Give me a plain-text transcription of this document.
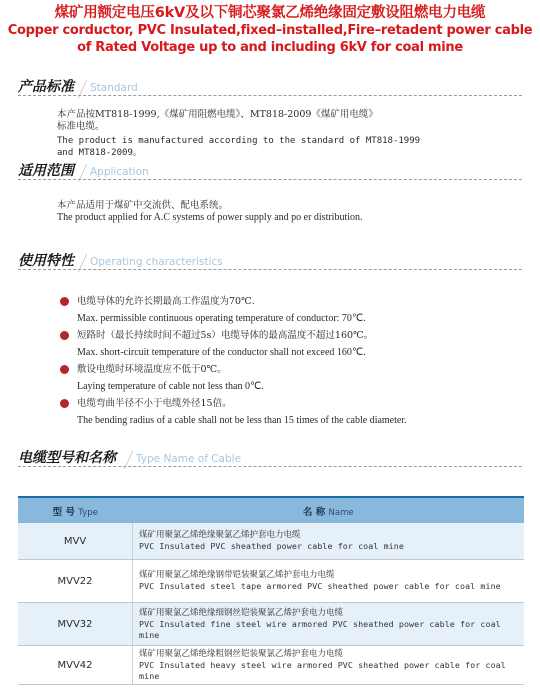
煤矿用额定电压6kV及以下铜芯聚氯乙烯绝缘固定敷设阻燃电力电缆
Copper corductor, PVC Insulated,fixed–installed,Fire–retadent power cable
of Rated Voltage up to and including 6kV for coal mine
产品标准 Standard
本产品按MT818-1999,《煤矿用阻燃电缆》、MT818-2009《煤矿用电缆》
标准电缆。
The product is manufactured according to the standard of MT818-1999
and MT818-2009。
适用范围 Application
本产品适用于煤矿中交流供、配电系统。
The product applied for A.C systems of power supply and po er distribution.
使用特性 Operating characteristics
电缆导体的允许长期最高工作温度为70℃.
Max. permissible continuous operating temperature of conductor: 70℃.
短路时（最长持续时间不超过5s）电缆导体的最高温度不超过160℃。
Max. short-circuit temperature of the conductor shall not exceed 160℃.
敷设电缆时环境温度应不低于0℃。
Laying temperature of cable not less than 0℃.
电缆弯曲半径不小于电缆外径15倍。
The bending radius of a cable shall not be less than 15 times of the cable diameter.
电缆型号和名称 Type Name of Cable
型 号 Type	名 称 Name
MVV	煤矿用聚氯乙烯绝缘聚氯乙烯护套电力电缆
PVC Insulated PVC sheathed power cable for coal mine

MVV22	煤矿用聚氯乙烯绝缘钢带铠装聚氯乙烯护套电力电缆
PVC Insulated steel tape armored PVC sheathed power cable for coal mine

MVV32	煤矿用聚氯乙烯绝缘细钢丝铠装聚氯乙烯护套电力电缆
PVC Insulated fine steel wire armored PVC sheathed power cable for coal mine

MVV42	煤矿用聚氯乙烯绝缘粗钢丝铠装聚氯乙烯护套电力电缆
PVC Insulated heavy steel wire armored PVC sheathed power cable for coal mine
